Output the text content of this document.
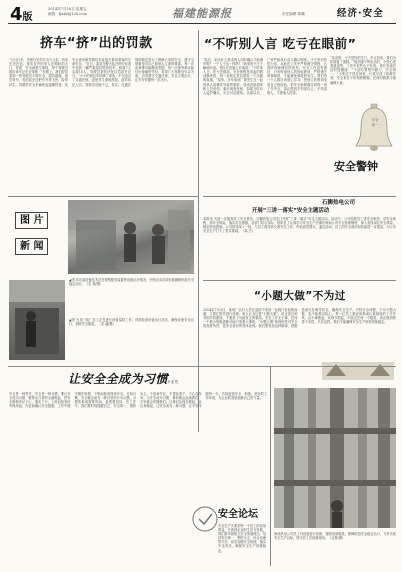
4版
2014年7月18日 星期五
邮箱：fjaxb@126.com	福建能源报	责任编辑 林曦	经济·安全
挤车“挤”出的罚款
“日日行车，见情日见你安全乃父亲，仍应先见在前，常年在外的家人在期盼的大门，你看，安全就是生命线，每个驾驶员都应该牢记安全驾驶。”在路上，我们经常看到一些驾驶员不顾安全，超员超载，酒后驾车，有的甚至还把车开得飞快，险象环生。驾驶员作为车辆的直接操控者，其安全意识和驾驶技术直接关系到乘客的生命安全。“近日，某县交警大队在例行检查中查获一辆严重超员的面包车，核载7人实载15人，驾驶员被依法处以罚款并记分。”小小的面包车挤满了乘客，不仅违反了交通法规，更是对生命的漠视。面对执法人员，驾驶员后悔不已。其实，交通法规的制定是为了保障大家的安全，遵守交规就是对自己和他人生命的尊重。每一次违章都可能酿成悲剧，每一次侥幸都可能付出惨痛的代价。希望广大驾驶员引以为戒，自觉遵守交通法规，安全文明出行，让平安伴随每一次出行。
“不听别人言 吃亏在眼前”
“队长，咱为什么要求两人同时确认才能操作呢？一个人不也一样吗？”新来的小王不解地问道。老队长语重心长地说：“不听别人言，吃亏在眼前。安全规程是用血的教训换来的，每一条规定背后都有一个沉痛的故事。”原来，多年前该厂曾发生过一起因单人误操作导致的事故，造成设备损坏和人员受伤。事后调查发现，如果当时有人监护确认，完全可以避免。从那以后，厂里严格执行双人确认制度。小王听后恍然大悟，从此在工作中严格遵守规程，认真听取师傅们的意见。安全工作没有捷径，只有听取别人的经验教训，严格遵守规章制度，才能避免事故的发生。我们每一个人都应该虚心学习，把别人的教训变成自己的经验，把安全规程落实到每一项工作中去，真正做到不伤害自己、不伤害他人、不被他人伤害。
“亲爱的，今天是你的生日，早点回来，我们为你准备了蛋糕。”接到妻子的电话后，小张心里美滋滋的，工作中有些心不在焉。班长发现后及时提醒他：“干活时要集中精力，安全第一。”小张这才回过神来，认真完成了检修任务。安全来自于时刻的警惕，任何时候都不能麻痹大意。
安全第一
安全警钟
图 片
新 闻
▲图 邓宗福设备技术员在观察配电装置等设备运行情况，仔细记录各项参数确保机组安全稳定运行。（宝 林/摄）
▲图 为龙门电厂员工正在进行设备巡检工作，详细检查设备运行状态，确保设备安全运行，消除安全隐患。（龙 湖/摄）
石狮热电公司
开展“三讲一落实”安全主题活动
本报讯 为进一步提高员工安全意识，石狮热电公司近日开展“三讲一落实”安全主题活动。活动中，公司组织员工讲安全职责、讲安全规程、讲安全风险，落实安全措施。各部门结合实际，组织员工认真学习安全生产法律法规和公司安全管理制度，深入查找岗位安全风险，制定防范措施。公司领导深入一线，与员工面对面交流安全工作，听取意见建议。通过活动，员工的安全意识和技能进一步提高，为公司安全生产打下了坚实基础。（林 杰）
“小题大做”不为过
2014年7月3日，某电厂运行人员在巡检中发现一处阀门有轻微渗漏，立即汇报并进行处理。有人认为这是“小题大做”，但正是这种对细节的重视，才避免了可能发生的事故。安全工作无小事，任何一个微小的隐患都可能引发重大事故。“小题大做”体现的是对安全的高度负责，是安全意识的具体表现。我们要发扬这种精神，把隐患消灭在萌芽状态，确保安全生产。对待安全问题，宁可小题大做，也不能掉以轻心。每一位员工都应该养成认真细致的工作作风，从小事做起，从细节抓起，不放过任何一个隐患，真正做到防患于未然。只有这样，我们才能确保安全生产形势持续稳定。
让安全全成为习惯
·尹亚男
安全是一种责任，安全是一种习惯。要让安全成为习惯，就要从日常的点滴做起，把安全规程牢记于心，落实于行。上班前检查好劳保用品，作业前确认安全措施，工作中遵守操作规程，下班前检查现场安全。日积月累，安全就会成为一种自觉的行为习惯。习惯的养成需要时间，更需要坚持。在工作中，我们要时刻提醒自己，安全第一，预防为主。不违章作业，不冒险蛮干，不心存侥幸。当安全成为习惯，事故就会远离我们，平安就会伴随我们。让我们从现在做起，从自身做起，让安全成为一种习惯，让平安伴随每一天，共同创造安全、和谐、美好的工作环境，为企业的发展贡献自己的力量。
安全论坛
安全生产关系到每一个员工的切身利益，关系到企业的生存与发展。我们要牢固树立安全发展理念，坚持安全第一、预防为主、综合治理的方针，切实加强安全管理，落实安全责任，确保安全生产形势稳定。
海西热电公司员工对设备进行检修，排除设备隐患，保障机组安全稳定运行，力争实现安全生产目标。图为员工在检修现场。（宝林/摄）
